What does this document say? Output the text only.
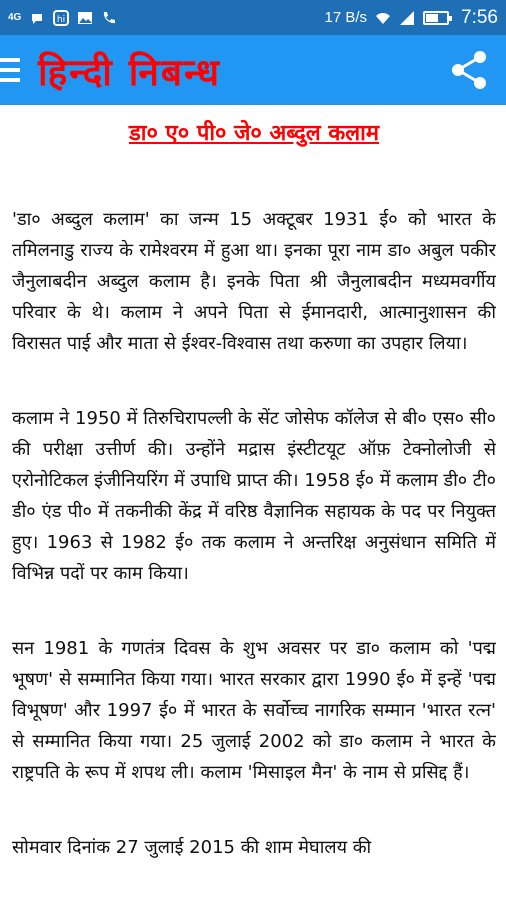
4G	hi	17 B/s	7:56
हिन्दी निबन्ध
डा० ए० पी० जे० अब्दुल कलाम

'डा० अब्दुल कलाम' का जन्म 15 अक्टूबर 1931 ई० को भारत के तमिलनाडु राज्य के रामेश्वरम में हुआ था। इनका पूरा नाम डा० अबुल पकीर जैनुलाबदीन अब्दुल कलाम है। इनके पिता श्री जैनुलाबदीन मध्यमवर्गीय परिवार के थे। कलाम ने अपने पिता से ईमानदारी, आत्मानुशासन की विरासत पाई और माता से ईश्वर-विश्वास तथा करुणा का उपहार लिया।

कलाम ने 1950 में तिरुचिरापल्ली के सेंट जोसेफ कॉलेज से बी० एस० सी० की परीक्षा उत्तीर्ण की। उन्होंने मद्रास इंस्टीटयूट ऑफ़ टेक्नोलोजी से एरोनोटिकल इंजीनियरिंग में उपाधि प्राप्त की। 1958 ई० में कलाम डी० टी० डी० एंड पी० में तकनीकी केंद्र में वरिष्ठ वैज्ञानिक सहायक के पद पर नियुक्त हुए। 1963 से 1982 ई० तक कलाम ने अन्तरिक्ष अनुसंधान समिति में विभिन्न पदों पर काम किया।

सन 1981 के गणतंत्र दिवस के शुभ अवसर पर डा० कलाम को 'पद्म भूषण' से सम्मानित किया गया। भारत सरकार द्वारा 1990 ई० में इन्हें 'पद्म विभूषण' और 1997 ई० में भारत के सर्वोच्च नागरिक सम्मान 'भारत रत्न' से सम्मानित किया गया। 25 जुलाई 2002 को डा० कलाम ने भारत के राष्ट्रपति के रूप में शपथ ली। कलाम 'मिसाइल मैन' के नाम से प्रसिद्द हैं।

सोमवार दिनांक 27 जुलाई 2015 की शाम मेघालय की
